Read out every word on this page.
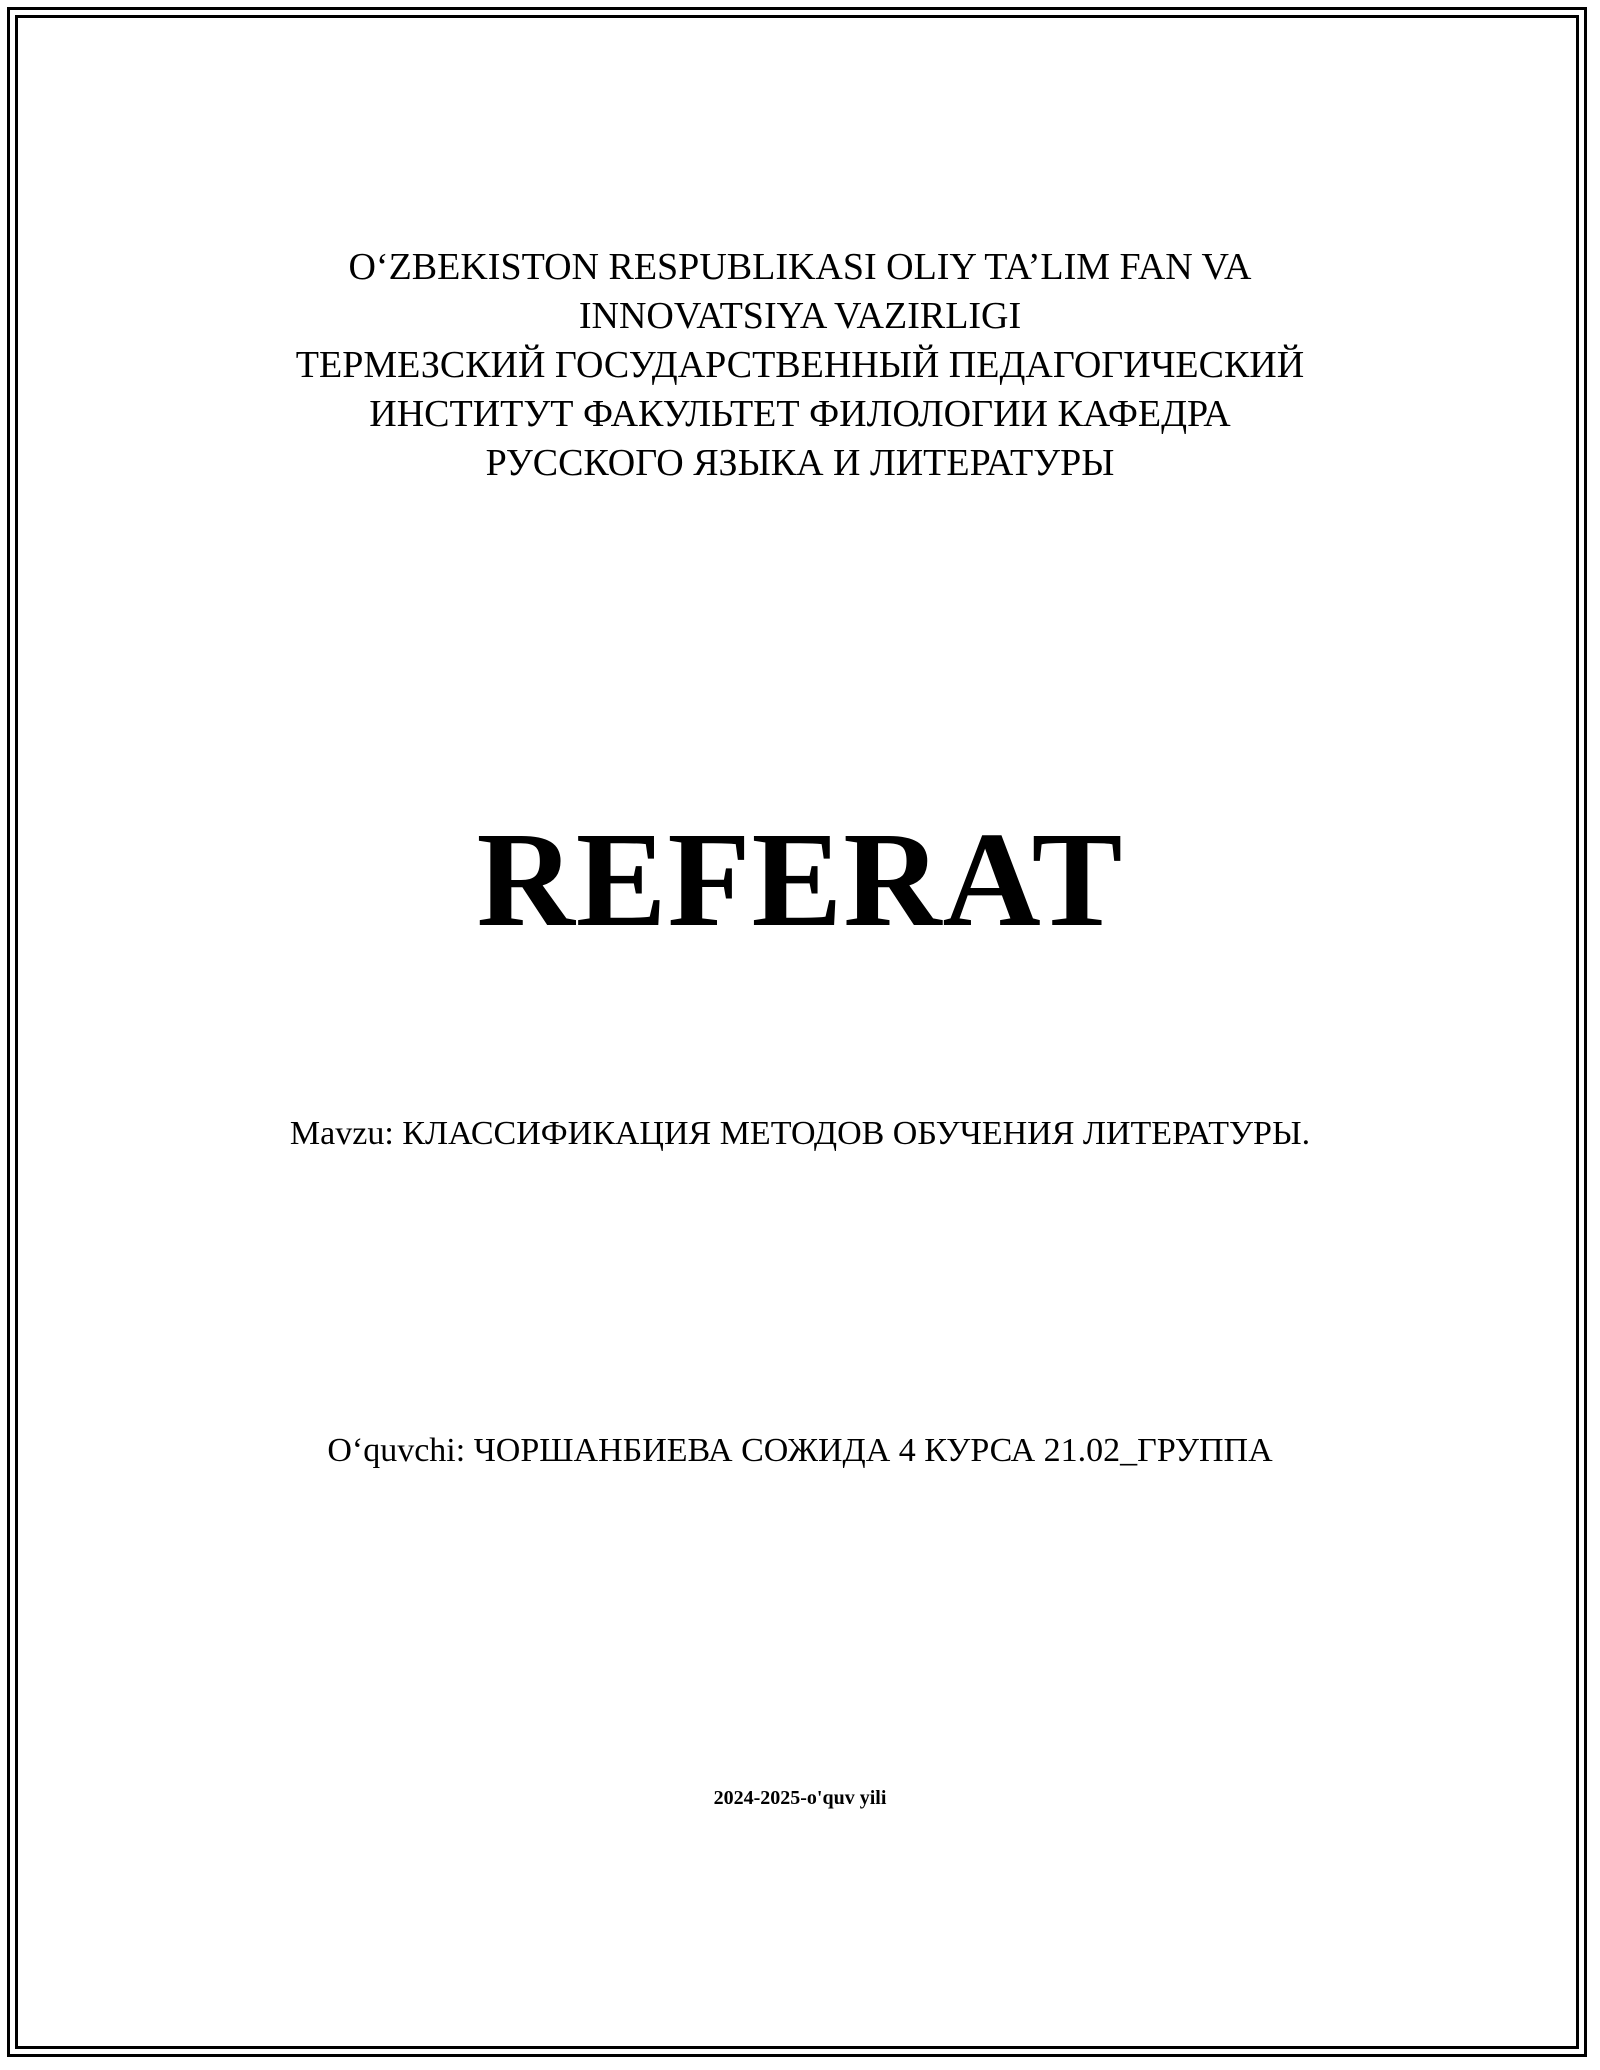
O‘ZBEKISTON RESPUBLIKASI OLIY TA’LIM FAN VA
INNOVATSIYA VAZIRLIGI
ТЕРМЕЗСКИЙ ГОСУДАРСТВЕННЫЙ ПЕДАГОГИЧЕСКИЙ
ИНСТИТУТ ФАКУЛЬТЕТ ФИЛОЛОГИИ КАФЕДРА
РУССКОГО ЯЗЫКА И ЛИТЕРАТУРЫ
REFERAT
Mavzu: КЛАССИФИКАЦИЯ МЕТОДОВ ОБУЧЕНИЯ ЛИТЕРАТУРЫ.
O‘quvchi: ЧОРШАНБИЕВА СОЖИДА 4 КУРСА 21.02_ГРУППА
2024-2025-o'quv yili
